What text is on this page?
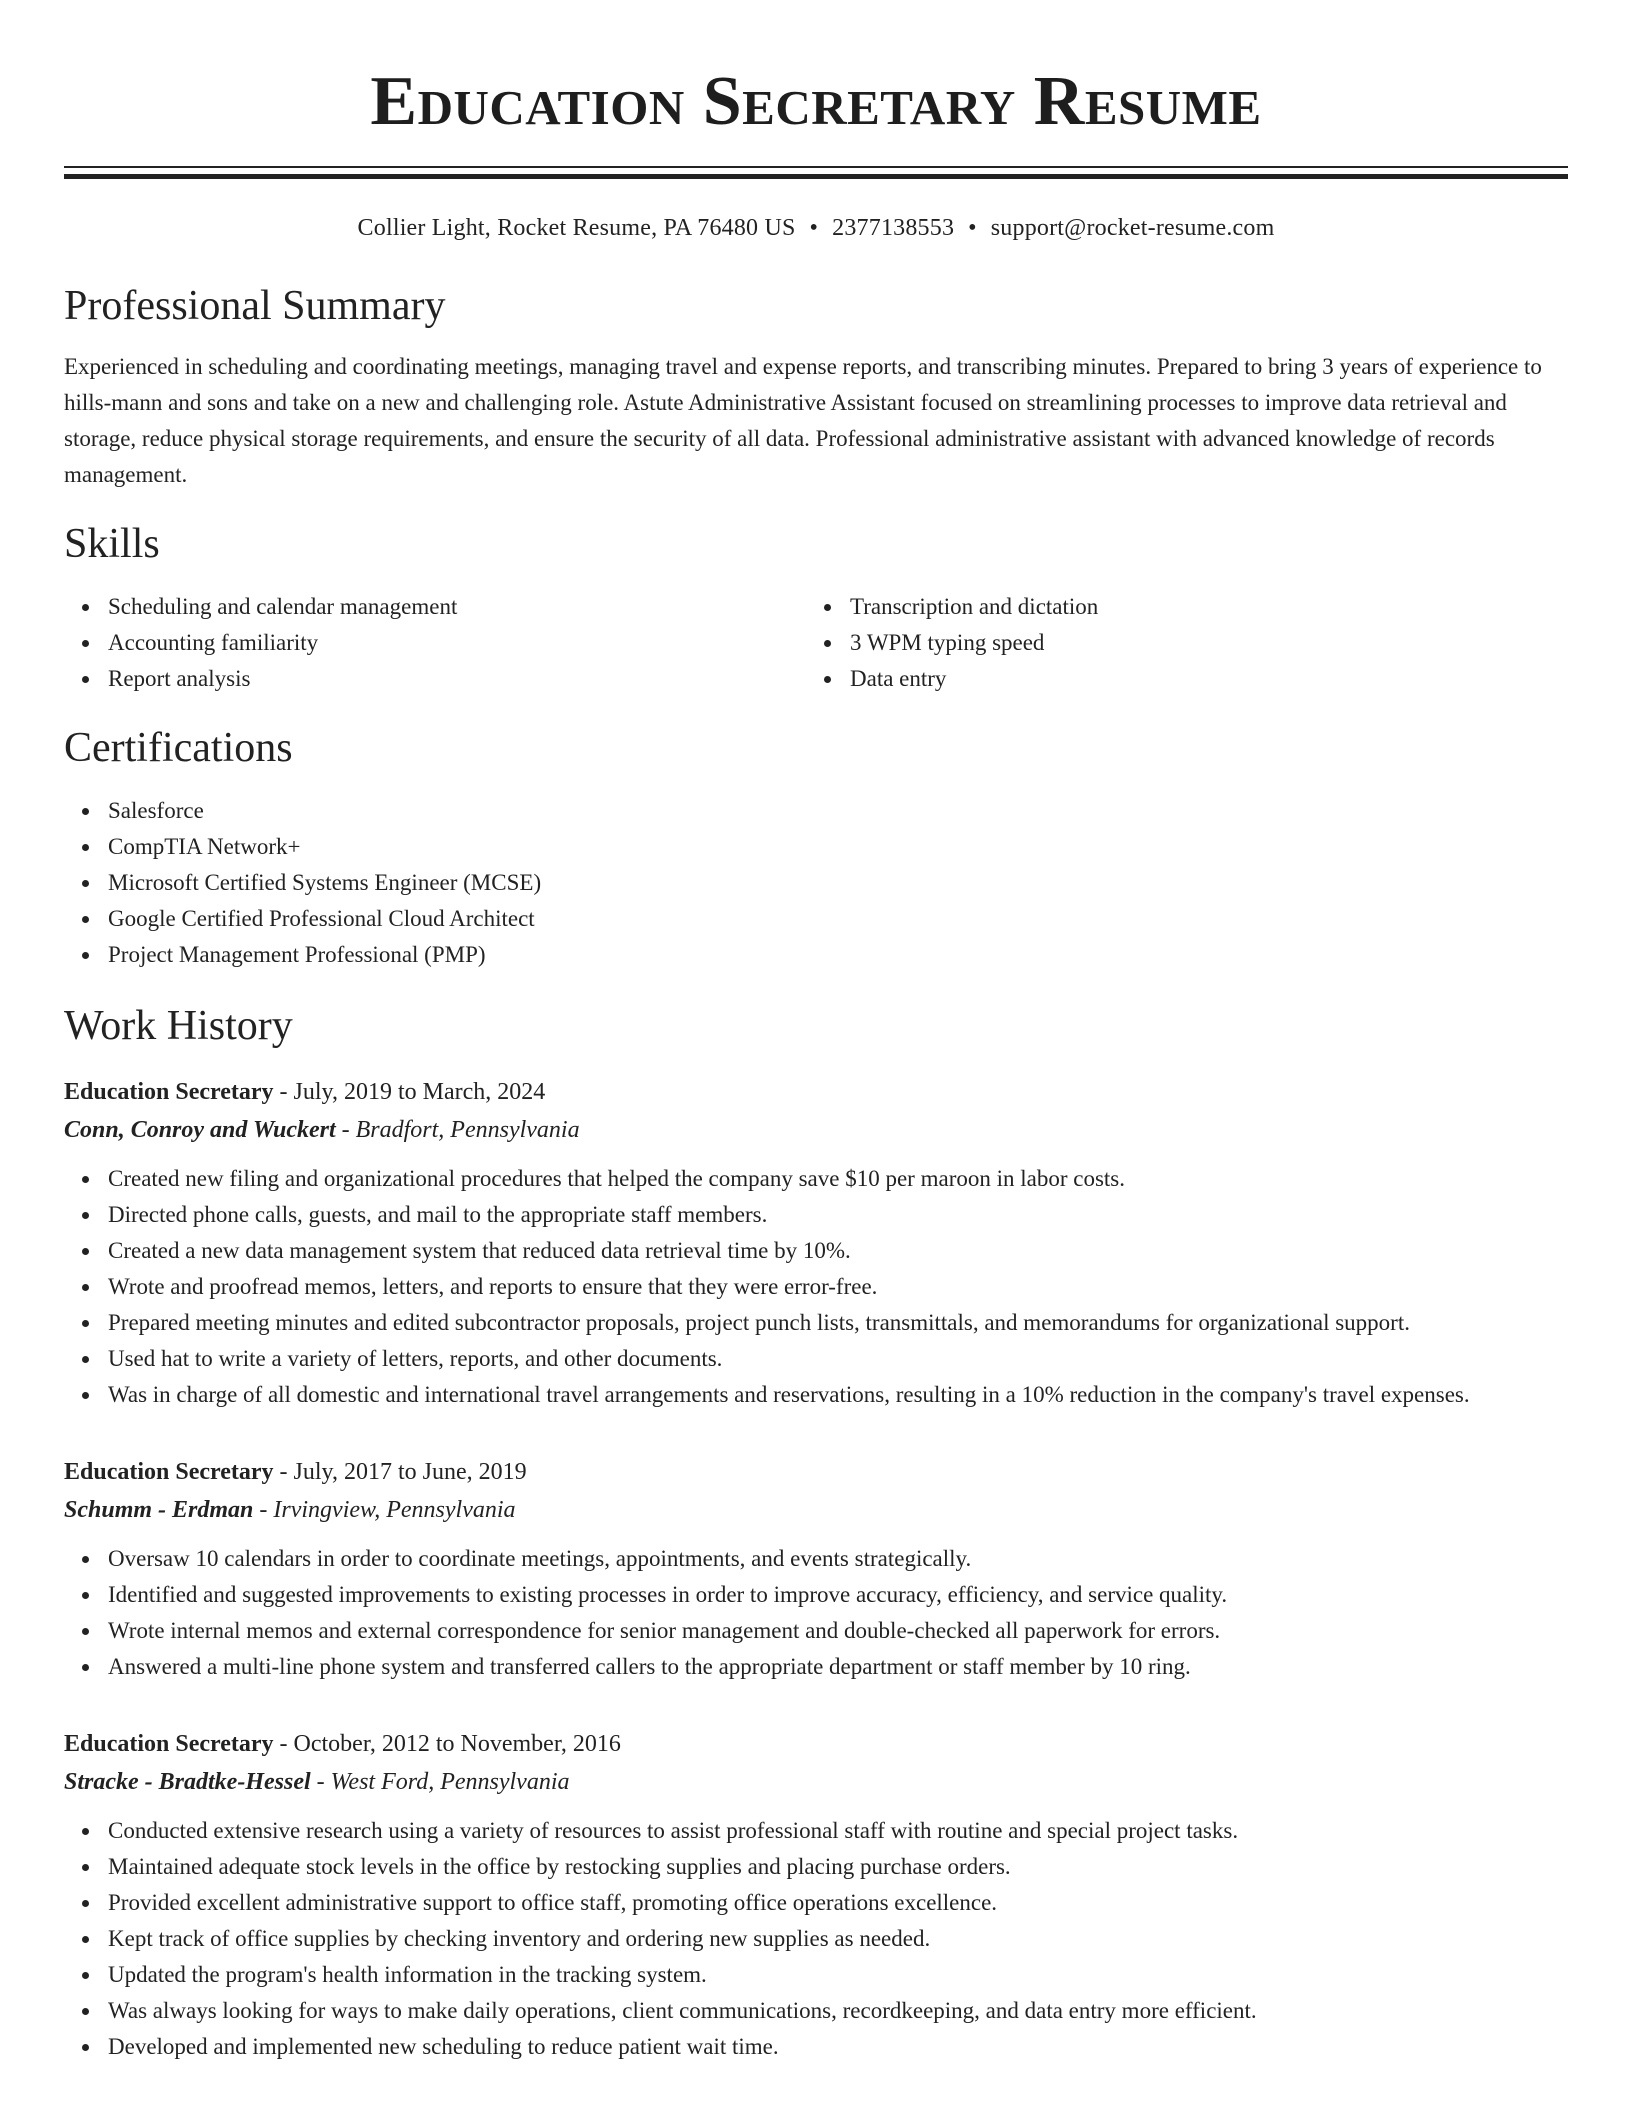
Education Secretary Resume
Collier Light, Rocket Resume, PA 76480 US • 2377138553 • support@rocket-resume.com
Professional Summary
Experienced in scheduling and coordinating meetings, managing travel and expense reports, and transcribing minutes. Prepared to bring 3 years of experience to hills-mann and sons and take on a new and challenging role. Astute Administrative Assistant focused on streamlining processes to improve data retrieval and storage, reduce physical storage requirements, and ensure the security of all data. Professional administrative assistant with advanced knowledge of records management.
Skills
Scheduling and calendar management
Accounting familiarity
Report analysis
Transcription and dictation
3 WPM typing speed
Data entry
Certifications
Salesforce
CompTIA Network+
Microsoft Certified Systems Engineer (MCSE)
Google Certified Professional Cloud Architect
Project Management Professional (PMP)
Work History
Education Secretary - July, 2019 to March, 2024
Conn, Conroy and Wuckert - Bradfort, Pennsylvania
Created new filing and organizational procedures that helped the company save $10 per maroon in labor costs.
Directed phone calls, guests, and mail to the appropriate staff members.
Created a new data management system that reduced data retrieval time by 10%.
Wrote and proofread memos, letters, and reports to ensure that they were error-free.
Prepared meeting minutes and edited subcontractor proposals, project punch lists, transmittals, and memorandums for organizational support.
Used hat to write a variety of letters, reports, and other documents.
Was in charge of all domestic and international travel arrangements and reservations, resulting in a 10% reduction in the company's travel expenses.
Education Secretary - July, 2017 to June, 2019
Schumm - Erdman - Irvingview, Pennsylvania
Oversaw 10 calendars in order to coordinate meetings, appointments, and events strategically.
Identified and suggested improvements to existing processes in order to improve accuracy, efficiency, and service quality.
Wrote internal memos and external correspondence for senior management and double-checked all paperwork for errors.
Answered a multi-line phone system and transferred callers to the appropriate department or staff member by 10 ring.
Education Secretary - October, 2012 to November, 2016
Stracke - Bradtke-Hessel - West Ford, Pennsylvania
Conducted extensive research using a variety of resources to assist professional staff with routine and special project tasks.
Maintained adequate stock levels in the office by restocking supplies and placing purchase orders.
Provided excellent administrative support to office staff, promoting office operations excellence.
Kept track of office supplies by checking inventory and ordering new supplies as needed.
Updated the program's health information in the tracking system.
Was always looking for ways to make daily operations, client communications, recordkeeping, and data entry more efficient.
Developed and implemented new scheduling to reduce patient wait time.
